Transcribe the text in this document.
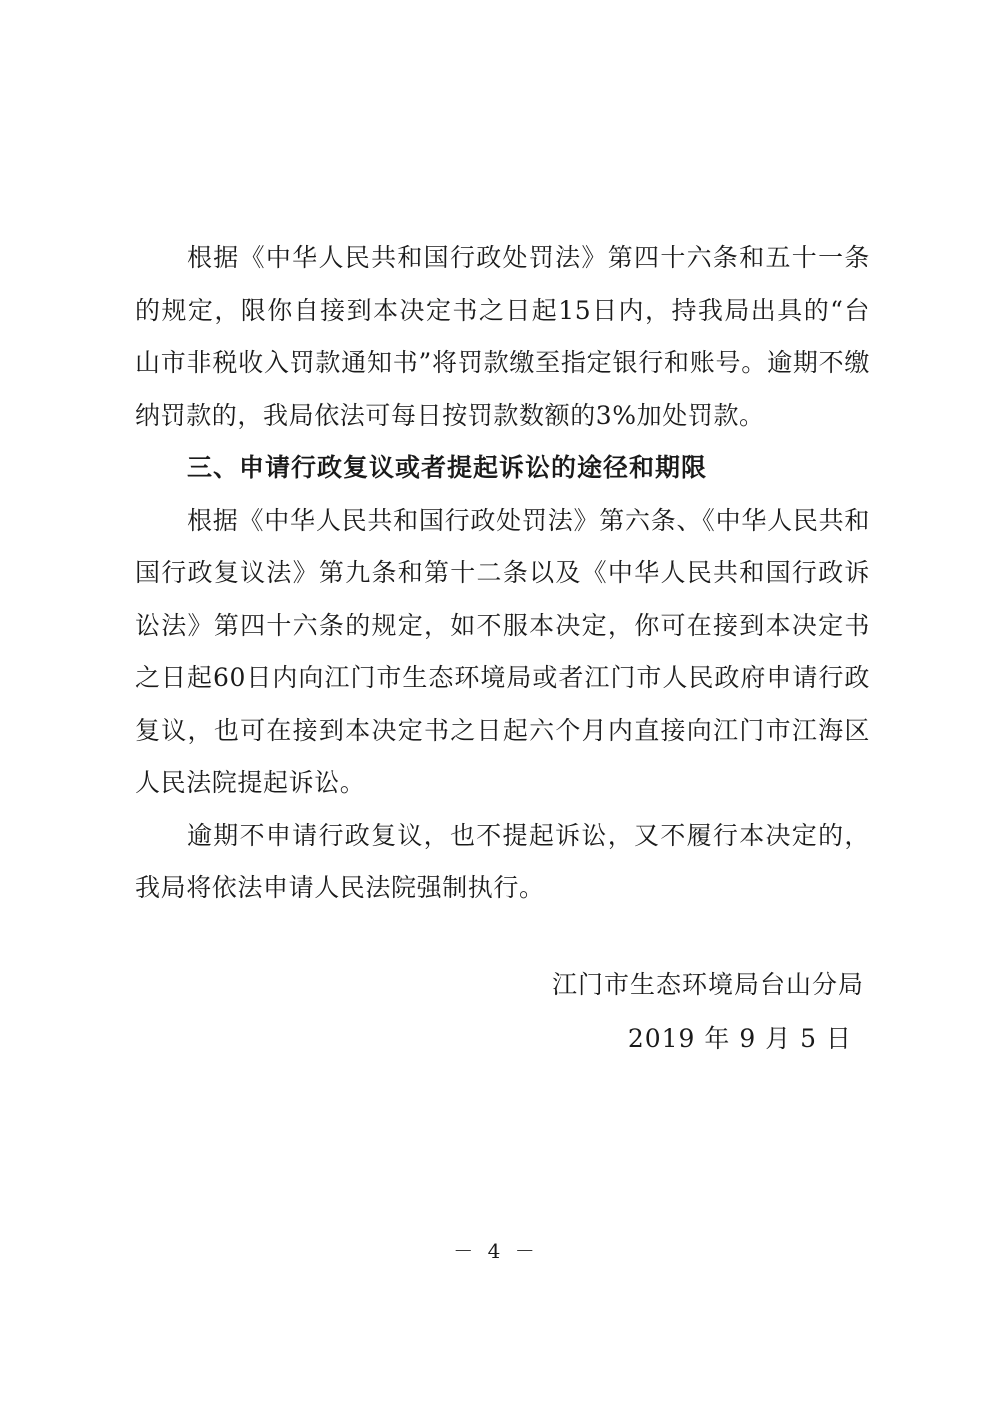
根据《中华人民共和国行政处罚法》第四十六条和五十一条的规定，限你自接到本决定书之日起15日内，持我局出具的“台山市非税收入罚款通知书”将罚款缴至指定银行和账号。逾期不缴纳罚款的，我局依法可每日按罚款数额的3%加处罚款。

三、申请行政复议或者提起诉讼的途径和期限

根据《中华人民共和国行政处罚法》第六条、《中华人民共和国行政复议法》第九条和第十二条以及《中华人民共和国行政诉讼法》第四十六条的规定，如不服本决定，你可在接到本决定书之日起60日内向江门市生态环境局或者江门市人民政府申请行政复议，也可在接到本决定书之日起六个月内直接向江门市江海区人民法院提起诉讼。

逾期不申请行政复议，也不提起诉讼，又不履行本决定的，我局将依法申请人民法院强制执行。

江门市生态环境局台山分局
2019 年 9 月 5 日
－ 4 －
